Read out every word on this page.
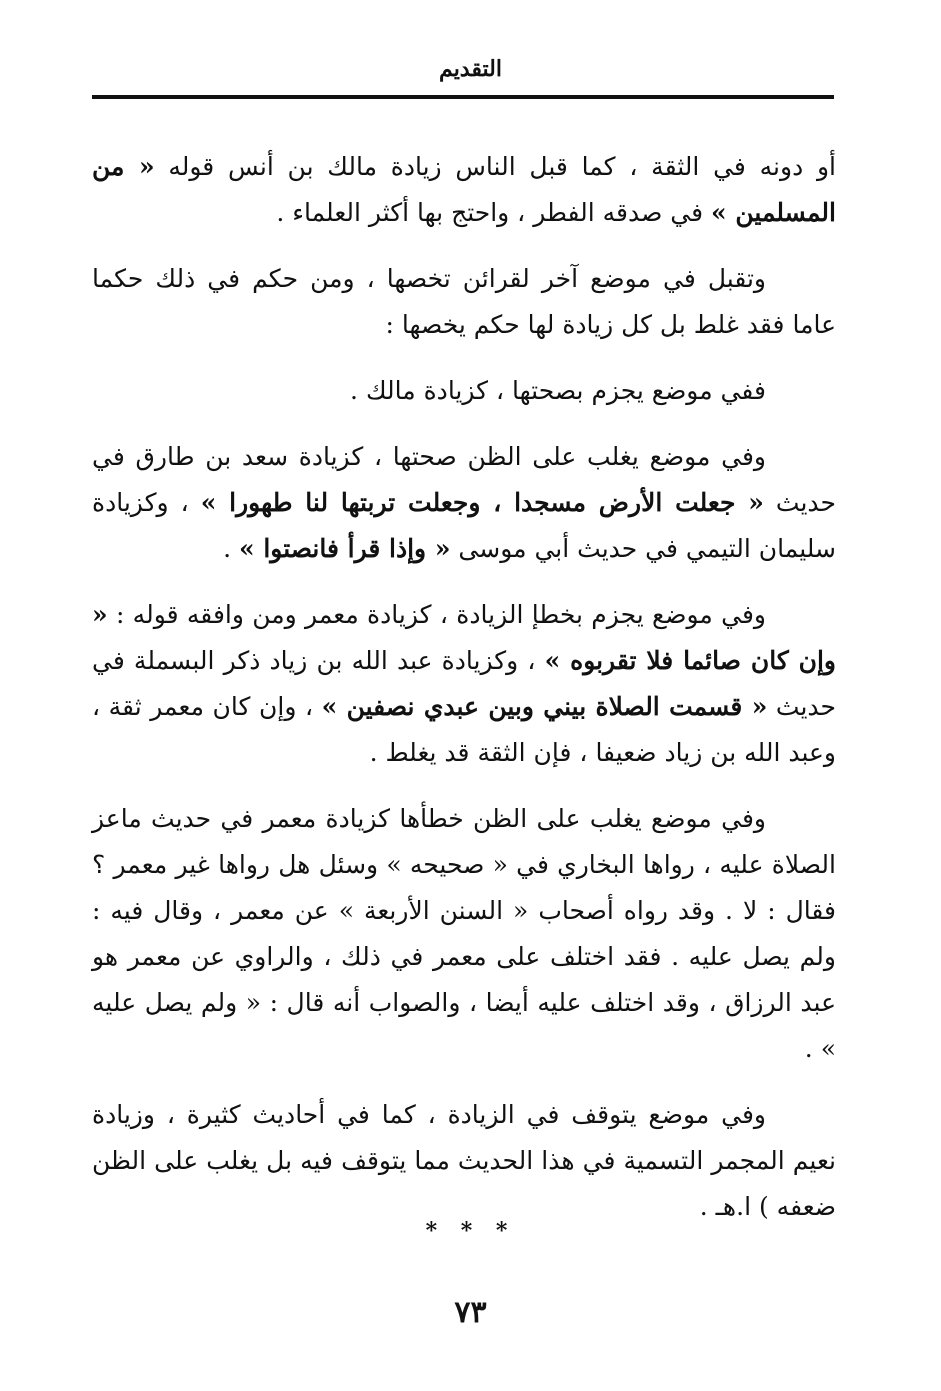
التقديم

أو دونه في الثقة ، كما قبل الناس زيادة مالك بن أنس قوله « من المسلمين » في صدقه الفطر ، واحتج بها أكثر العلماء .

وتقبل في موضع آخر لقرائن تخصها ، ومن حكم في ذلك حكما عاما فقد غلط بل كل زيادة لها حكم يخصها :

ففي موضع يجزم بصحتها ، كزيادة مالك .

وفي موضع يغلب على الظن صحتها ، كزيادة سعد بن طارق في حديث « جعلت الأرض مسجدا ، وجعلت تربتها لنا طهورا » ، وكزيادة سليمان التيمي في حديث أبي موسى « وإذا قرأ فانصتوا » .

وفي موضع يجزم بخطإ الزيادة ، كزيادة معمر ومن وافقه قوله : « وإن كان صائما فلا تقربوه » ، وكزيادة عبد الله بن زياد ذكر البسملة في حديث « قسمت الصلاة بيني وبين عبدي نصفين » ، وإن كان معمر ثقة ، وعبد الله بن زياد ضعيفا ، فإن الثقة قد يغلط .

وفي موضع يغلب على الظن خطأها كزيادة معمر في حديث ماعز الصلاة عليه ، رواها البخاري في « صحيحه » وسئل هل رواها غير معمر ؟ فقال : لا . وقد رواه أصحاب « السنن الأربعة » عن معمر ، وقال فيه : ولم يصل عليه . فقد اختلف على معمر في ذلك ، والراوي عن معمر هو عبد الرزاق ، وقد اختلف عليه أيضا ، والصواب أنه قال : « ولم يصل عليه » .

وفي موضع يتوقف في الزيادة ، كما في أحاديث كثيرة ، وزيادة نعيم المجمر التسمية في هذا الحديث مما يتوقف فيه بل يغلب على الظن ضعفه ) ا.هـ .

* * *
٧٣
